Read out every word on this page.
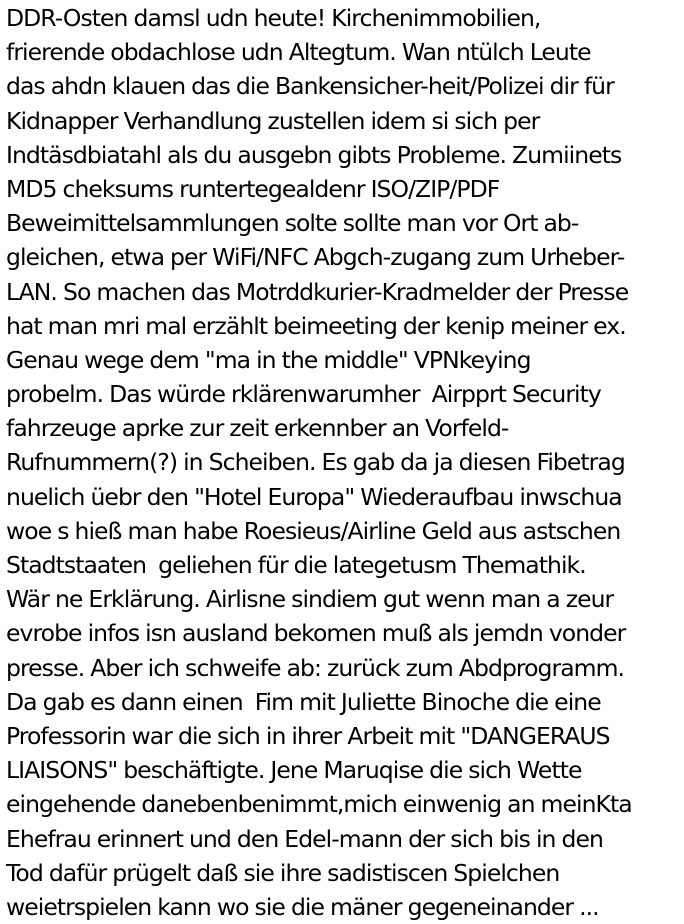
DDR-Osten damsl udn heute! Kirchenimmobilien,
frierende obdachlose udn Altegtum. Wan ntülch Leute
das ahdn klauen das die Bankensicher-heit/Polizei dir für
Kidnapper Verhandlung zustellen idem si sich per
Indtäsdbiatahl als du ausgebn gibts Probleme. Zumiinets
MD5 cheksums runtertegealdenr ISO/ZIP/PDF
Beweimittelsammlungen solte sollte man vor Ort ab-
gleichen, etwa per WiFi/NFC Abgch-zugang zum Urheber-
LAN. So machen das Motrddkurier-Kradmelder der Presse
hat man mri mal erzählt beimeeting der kenip meiner ex.
Genau wege dem "ma in the middle" VPNkeying
probelm. Das würde rklärenwarumher  Airpprt Security
fahrzeuge aprke zur zeit erkennber an Vorfeld-
Rufnummern(?) in Scheiben. Es gab da ja diesen Fibetrag
nuelich üebr den "Hotel Europa" Wiederaufbau inwschua
woe s hieß man habe Roesieus/Airline Geld aus astschen
Stadtstaaten  geliehen für die lategetusm Themathik.
Wär ne Erklärung. Airlisne sindiem gut wenn man a zeur
evrobe infos isn ausland bekomen muß als jemdn vonder
presse. Aber ich schweife ab: zurück zum Abdprogramm.
Da gab es dann einen  Fim mit Juliette Binoche die eine
Professorin war die sich in ihrer Arbeit mit "DANGERAUS
LIAISONS" beschäftigte. Jene Maruqise die sich Wette
eingehende danebenbenimmt,mich einwenig an meinKta
Ehefrau erinnert und den Edel-mann der sich bis in den
Tod dafür prügelt daß sie ihre sadistiscen Spielchen
weietrspielen kann wo sie die mäner gegeneinander ...
